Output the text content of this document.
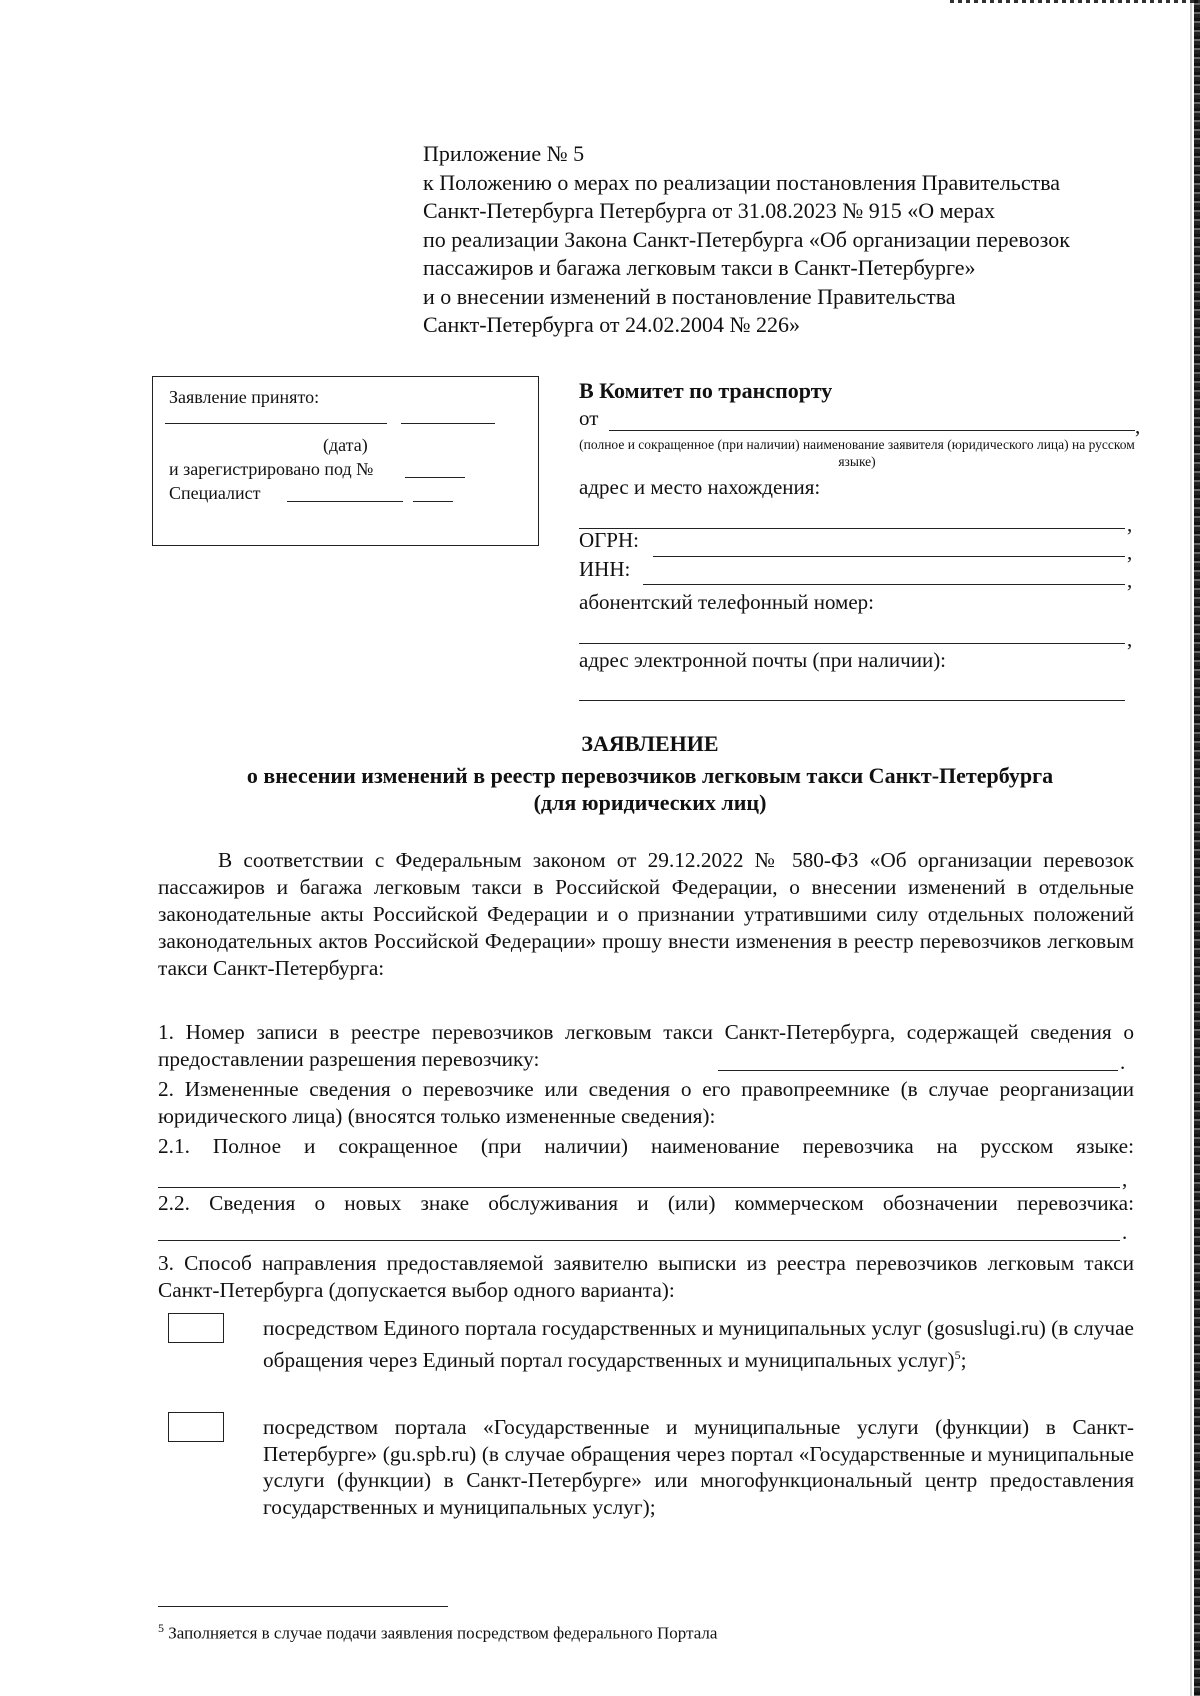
Приложение № 5
к Положению о мерах по реализации постановления Правительства
Санкт-Петербурга Петербурга от 31.08.2023 № 915 «О мерах
по реализации Закона Санкт-Петербурга «Об организации перевозок
пассажиров и багажа легковым такси в Санкт-Петербурге»
и о внесении изменений в постановление Правительства
Санкт-Петербурга от 24.02.2004 № 226»
Заявление принято:
(дата)
и зарегистрировано под №
Специалист
В Комитет по транспорту
от	,
(полное и сокращенное (при наличии) наименование заявителя (юридического лица) на русском языке)
адрес и место нахождения:
,
ОГРН:	,
ИНН:	,
абонентский телефонный номер:
,
адрес электронной почты (при наличии):
ЗАЯВЛЕНИЕ
о внесении изменений в реестр перевозчиков легковым такси Санкт-Петербурга
(для юридических лиц)

В соответствии с Федеральным законом от 29.12.2022 № 580-ФЗ «Об организации перевозок пассажиров и багажа легковым такси в Российской Федерации, о внесении изменений в отдельные законодательные акты Российской Федерации и о признании утратившими силу отдельных положений законодательных актов Российской Федерации» прошу внести изменения в реестр перевозчиков легковым такси Санкт-Петербурга:

1. Номер записи в реестре перевозчиков легковым такси Санкт-Петербурга, содержащей сведения о предоставлении разрешения перевозчику:	.

2. Измененные сведения о перевозчике или сведения о его правопреемнике (в случае реорганизации юридического лица) (вносятся только измененные сведения):

2.1. Полное и сокращенное (при наличии) наименование перевозчика на русском языке:

,

2.2. Сведения о новых знаке обслуживания и (или) коммерческом обозначении перевозчика:

.

3. Способ направления предоставляемой заявителю выписки из реестра перевозчиков легковым такси Санкт-Петербурга (допускается выбор одного варианта):

посредством Единого портала государственных и муниципальных услуг (gosuslugi.ru) (в случае обращения через Единый портал государственных и муниципальных услуг)$^5$;
посредством портала «Государственные и муниципальные услуги (функции) в Санкт-Петербурге» (gu.spb.ru) (в случае обращения через портал «Государственные и муниципальные услуги (функции) в Санкт-Петербурге» или многофункциональный центр предоставления государственных и муниципальных услуг);
$^5$ Заполняется в случае подачи заявления посредством федерального Портала
